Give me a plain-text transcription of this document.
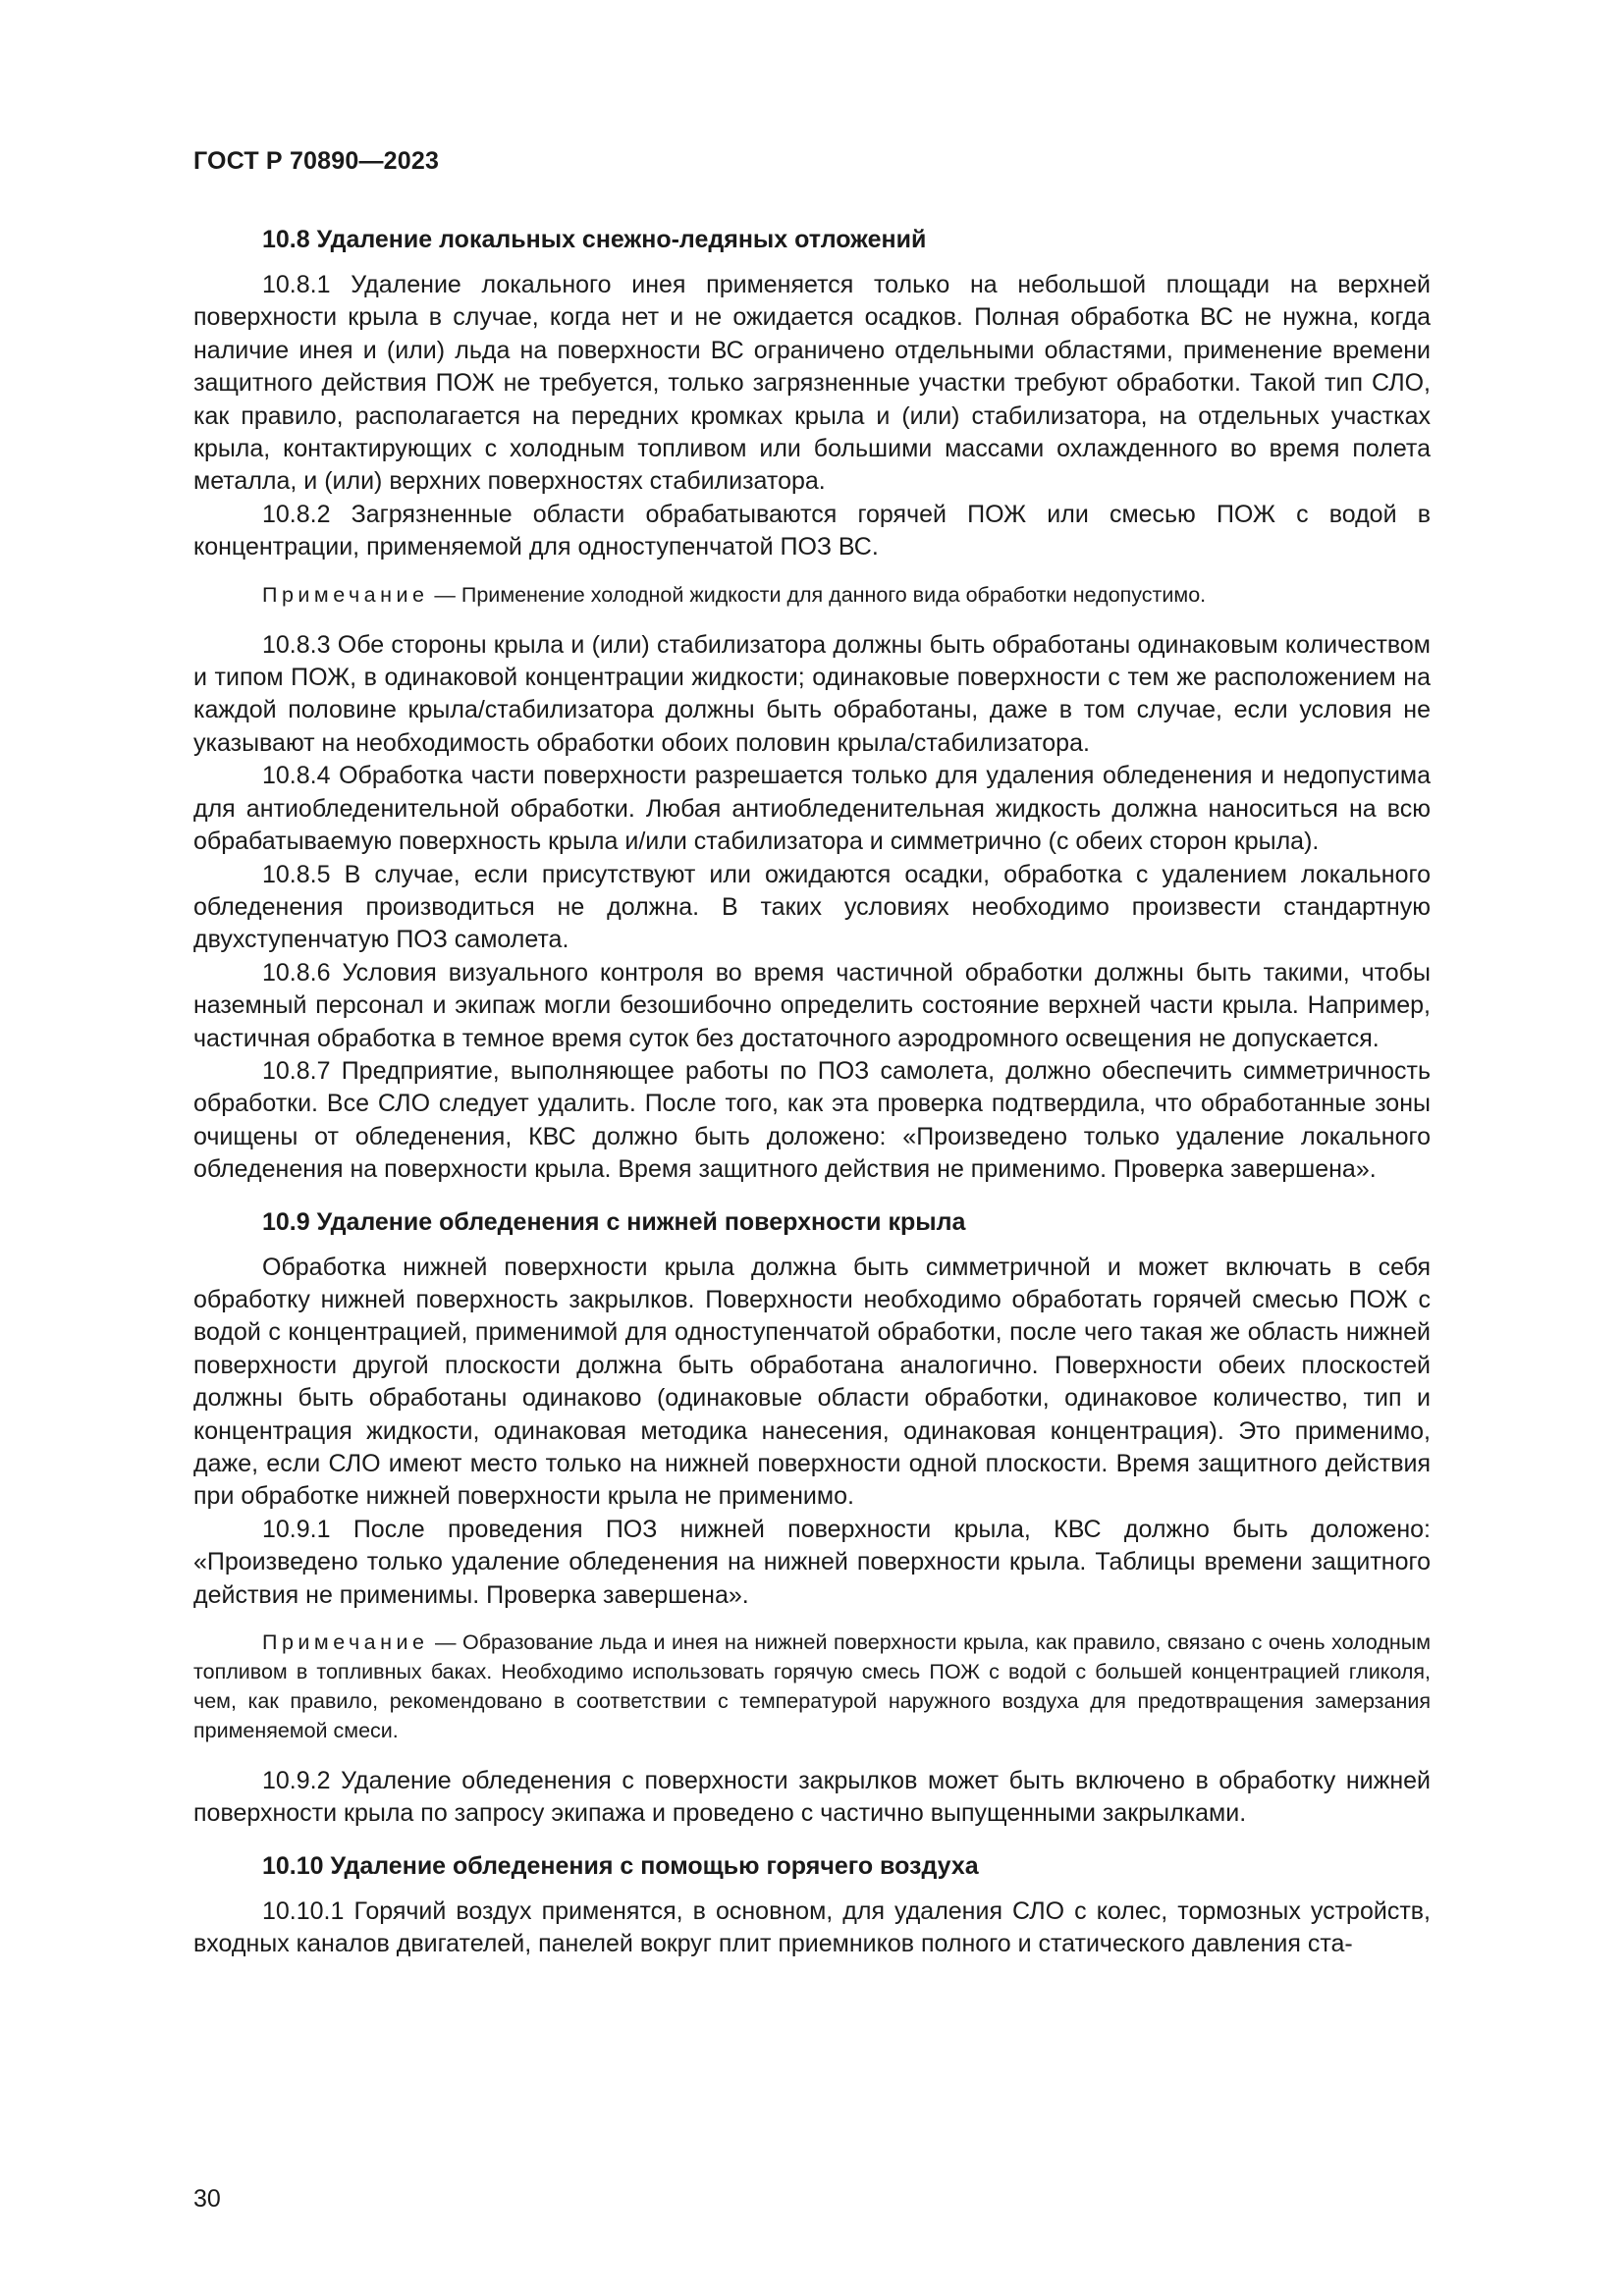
ГОСТ Р 70890—2023
10.8 Удаление локальных снежно-ледяных отложений

10.8.1 Удаление локального инея применяется только на небольшой площади на верхней поверхности крыла в случае, когда нет и не ожидается осадков. Полная обработка ВС не нужна, когда наличие инея и (или) льда на поверхности ВС ограничено отдельными областями, применение времени защитного действия ПОЖ не требуется, только загрязненные участки требуют обработки. Такой тип СЛО, как правило, располагается на передних кромках крыла и (или) стабилизатора, на отдельных участках крыла, контактирующих с холодным топливом или большими массами охлажденного во время полета металла, и (или) верхних поверхностях стабилизатора.

10.8.2 Загрязненные области обрабатываются горячей ПОЖ или смесью ПОЖ с водой в концентрации, применяемой для одноступенчатой ПОЗ ВС.

Примечание — Применение холодной жидкости для данного вида обработки недопустимо.

10.8.3 Обе стороны крыла и (или) стабилизатора должны быть обработаны одинаковым количеством и типом ПОЖ, в одинаковой концентрации жидкости; одинаковые поверхности с тем же расположением на каждой половине крыла/стабилизатора должны быть обработаны, даже в том случае, если условия не указывают на необходимость обработки обоих половин крыла/стабилизатора.

10.8.4 Обработка части поверхности разрешается только для удаления обледенения и недопустима для антиобледенительной обработки. Любая антиобледенительная жидкость должна наноситься на всю обрабатываемую поверхность крыла и/или стабилизатора и симметрично (с обеих сторон крыла).

10.8.5 В случае, если присутствуют или ожидаются осадки, обработка с удалением локального обледенения производиться не должна. В таких условиях необходимо произвести стандартную двухступенчатую ПОЗ самолета.

10.8.6 Условия визуального контроля во время частичной обработки должны быть такими, чтобы наземный персонал и экипаж могли безошибочно определить состояние верхней части крыла. Например, частичная обработка в темное время суток без достаточного аэродромного освещения не допускается.

10.8.7 Предприятие, выполняющее работы по ПОЗ самолета, должно обеспечить симметричность обработки. Все СЛО следует удалить. После того, как эта проверка подтвердила, что обработанные зоны очищены от обледенения, КВС должно быть доложено: «Произведено только удаление локального обледенения на поверхности крыла. Время защитного действия не применимо. Проверка завершена».

10.9 Удаление обледенения с нижней поверхности крыла

Обработка нижней поверхности крыла должна быть симметричной и может включать в себя обработку нижней поверхность закрылков. Поверхности необходимо обработать горячей смесью ПОЖ с водой с концентрацией, применимой для одноступенчатой обработки, после чего такая же область нижней поверхности другой плоскости должна быть обработана аналогично. Поверхности обеих плоскостей должны быть обработаны одинаково (одинаковые области обработки, одинаковое количество, тип и концентрация жидкости, одинаковая методика нанесения, одинаковая концентрация). Это применимо, даже, если СЛО имеют место только на нижней поверхности одной плоскости. Время защитного действия при обработке нижней поверхности крыла не применимо.

10.9.1 После проведения ПОЗ нижней поверхности крыла, КВС должно быть доложено: «Произведено только удаление обледенения на нижней поверхности крыла. Таблицы времени защитного действия не применимы. Проверка завершена».

Примечание — Образование льда и инея на нижней поверхности крыла, как правило, связано с очень холодным топливом в топливных баках. Необходимо использовать горячую смесь ПОЖ с водой с большей концентрацией гликоля, чем, как правило, рекомендовано в соответствии с температурой наружного воздуха для предотвращения замерзания применяемой смеси.

10.9.2 Удаление обледенения с поверхности закрылков может быть включено в обработку нижней поверхности крыла по запросу экипажа и проведено с частично выпущенными закрылками.

10.10 Удаление обледенения с помощью горячего воздуха

10.10.1 Горячий воздух применятся, в основном, для удаления СЛО с колес, тормозных устройств, входных каналов двигателей, панелей вокруг плит приемников полного и статического давления ста-

30
